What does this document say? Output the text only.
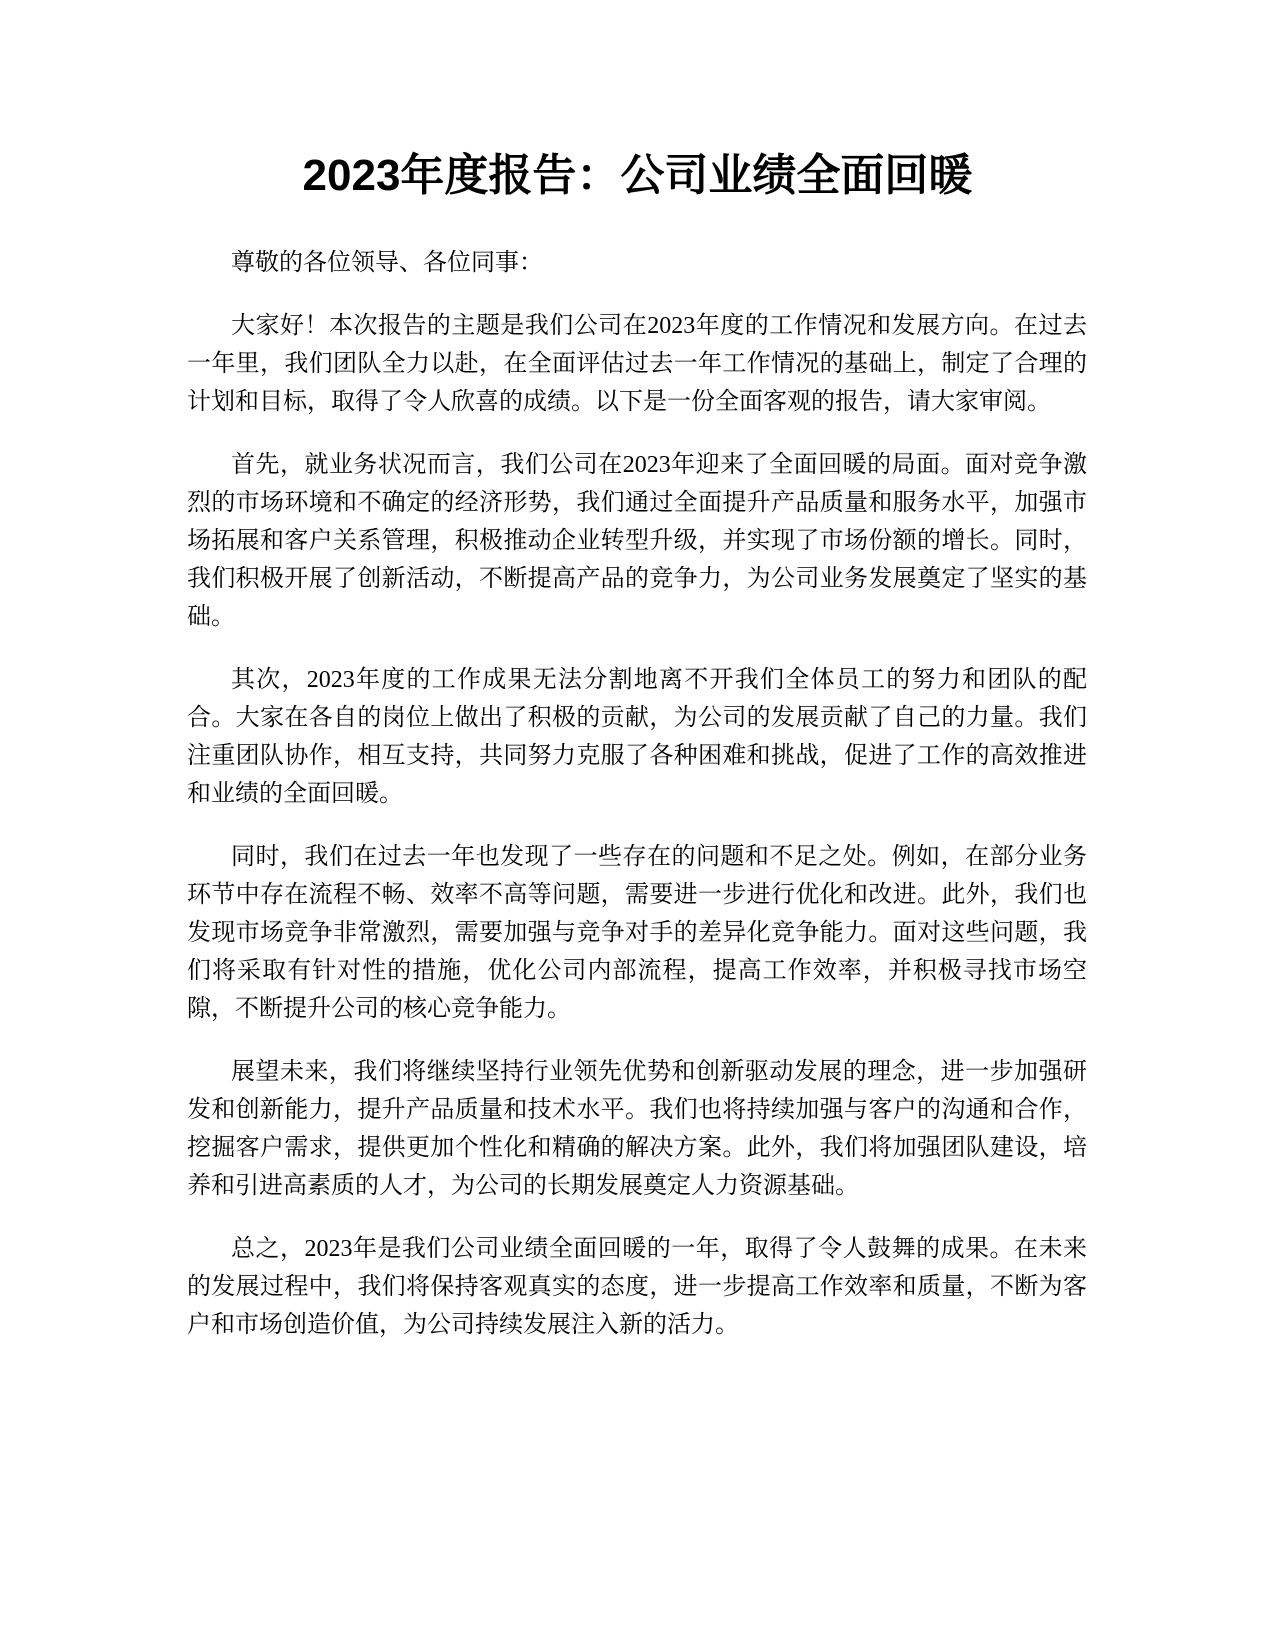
2023年度报告：公司业绩全面回暖

尊敬的各位领导、各位同事：

大家好！本次报告的主题是我们公司在2023年度的工作情况和发展方向。在过去一年里，我们团队全力以赴，在全面评估过去一年工作情况的基础上，制定了合理的计划和目标，取得了令人欣喜的成绩。以下是一份全面客观的报告，请大家审阅。

首先，就业务状况而言，我们公司在2023年迎来了全面回暖的局面。面对竞争激烈的市场环境和不确定的经济形势，我们通过全面提升产品质量和服务水平，加强市场拓展和客户关系管理，积极推动企业转型升级，并实现了市场份额的增长。同时，我们积极开展了创新活动，不断提高产品的竞争力，为公司业务发展奠定了坚实的基础。

其次，2023年度的工作成果无法分割地离不开我们全体员工的努力和团队的配合。大家在各自的岗位上做出了积极的贡献，为公司的发展贡献了自己的力量。我们注重团队协作，相互支持，共同努力克服了各种困难和挑战，促进了工作的高效推进和业绩的全面回暖。

同时，我们在过去一年也发现了一些存在的问题和不足之处。例如，在部分业务环节中存在流程不畅、效率不高等问题，需要进一步进行优化和改进。此外，我们也发现市场竞争非常激烈，需要加强与竞争对手的差异化竞争能力。面对这些问题，我们将采取有针对性的措施，优化公司内部流程，提高工作效率，并积极寻找市场空隙，不断提升公司的核心竞争能力。

展望未来，我们将继续坚持行业领先优势和创新驱动发展的理念，进一步加强研发和创新能力，提升产品质量和技术水平。我们也将持续加强与客户的沟通和合作，挖掘客户需求，提供更加个性化和精确的解决方案。此外，我们将加强团队建设，培养和引进高素质的人才，为公司的长期发展奠定人力资源基础。

总之，2023年是我们公司业绩全面回暖的一年，取得了令人鼓舞的成果。在未来的发展过程中，我们将保持客观真实的态度，进一步提高工作效率和质量，不断为客户和市场创造价值，为公司持续发展注入新的活力。
